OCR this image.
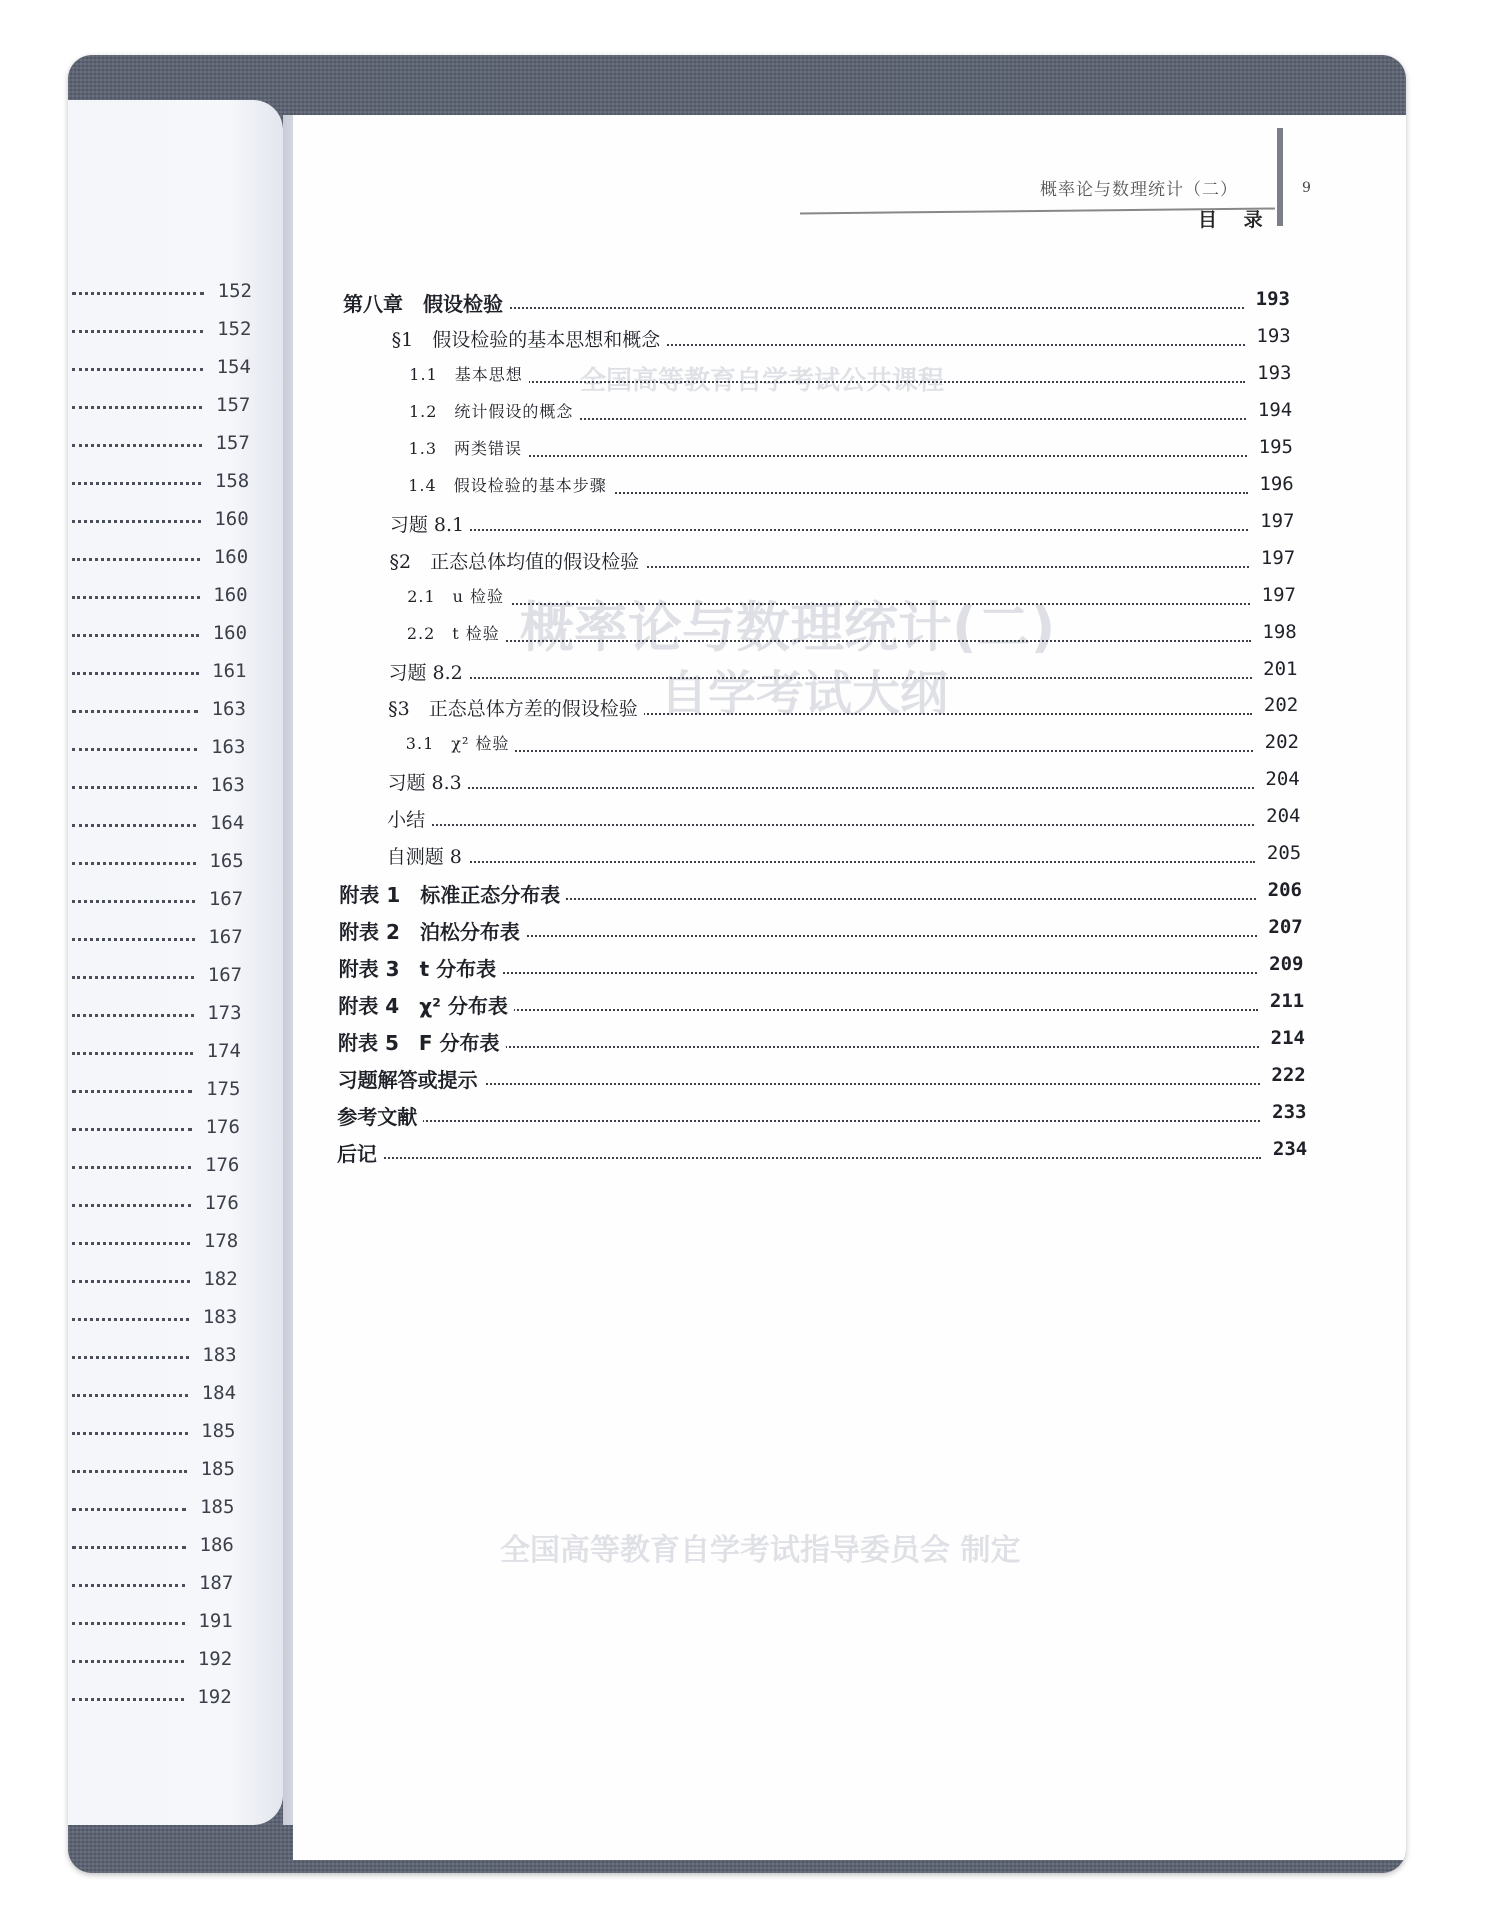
152
152
154
157
157
158
160
160
160
160
161
163
163
163
164
165
167
167
167
173
174
175
176
176
176
178
182
183
183
184
185
185
185
186
187
191
192
192
概率论与数理统计（二）
目 录
9
全国高等教育自学考试公共课程
概率论与数理统计(二)
自学考试大纲
全国高等教育自学考试指导委员会 制定
第八章　假设检验	193
§1　假设检验的基本思想和概念	193
1.1　基本思想	193
1.2　统计假设的概念	194
1.3　两类错误	195
1.4　假设检验的基本步骤	196
习题 8.1	197
§2　正态总体均值的假设检验	197
2.1　u 检验	197
2.2　t 检验	198
习题 8.2	201
§3　正态总体方差的假设检验	202
3.1　χ² 检验	202
习题 8.3	204
小结	204
自测题 8	205
附表 1　标准正态分布表	206
附表 2　泊松分布表	207
附表 3　t 分布表	209
附表 4　χ² 分布表	211
附表 5　F 分布表	214
习题解答或提示	222
参考文献	233
后记	234
